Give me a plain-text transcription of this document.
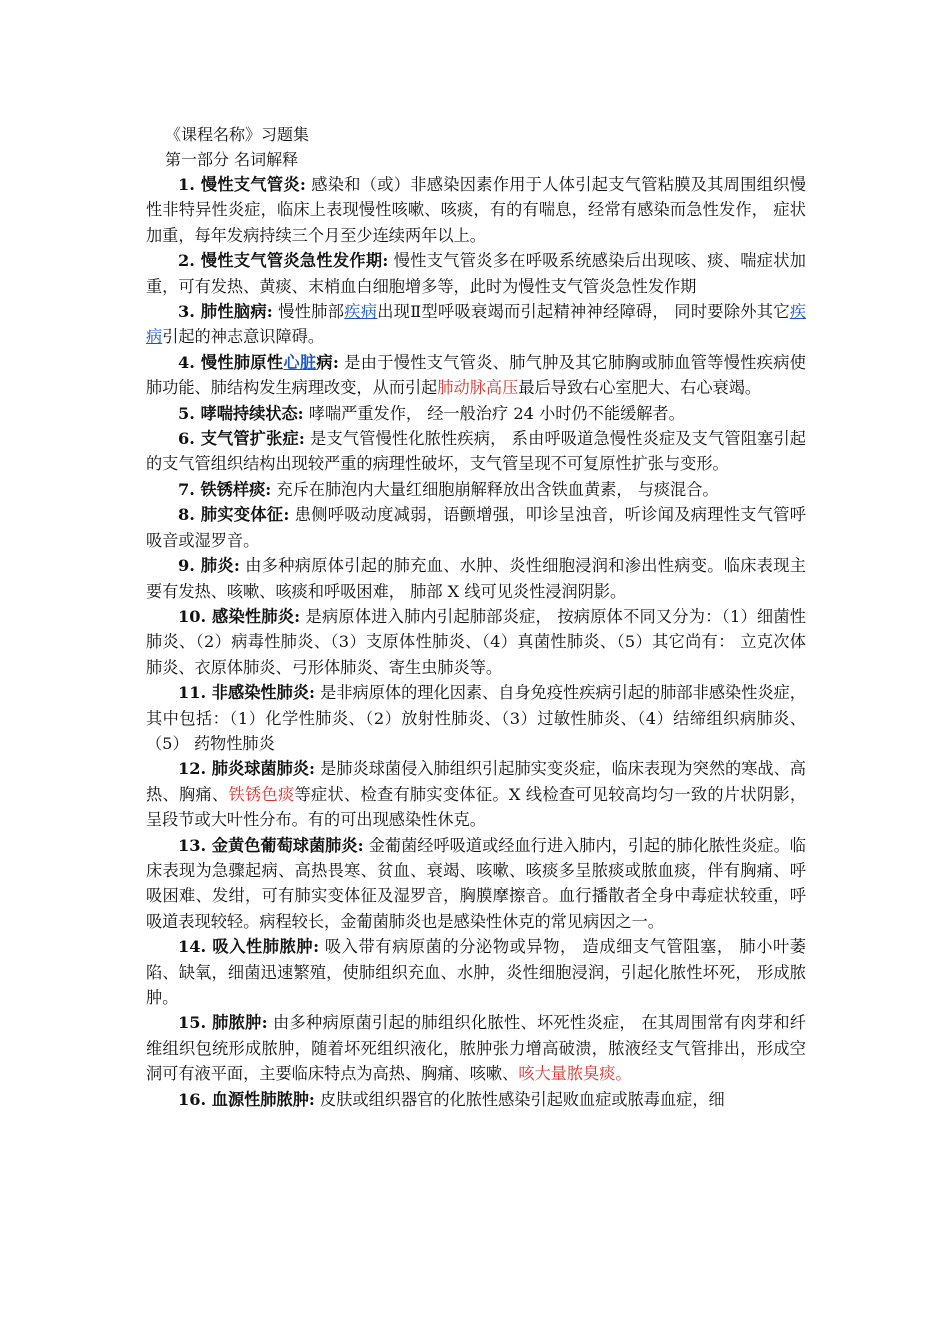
《课程名称》习题集
第一部分 名词解释

1. 慢性支气管炎: 感染和（或）非感染因素作用于人体引起支气管粘膜及其周围组织慢性非特异性炎症，临床上表现慢性咳嗽、咳痰，有的有喘息，经常有感染而急性发作， 症状加重，每年发病持续三个月至少连续两年以上。

2. 慢性支气管炎急性发作期: 慢性支气管炎多在呼吸系统感染后出现咳、痰、喘症状加重，可有发热、黄痰、末梢血白细胞增多等，此时为慢性支气管炎急性发作期

3. 肺性脑病: 慢性肺部疾病出现Ⅱ型呼吸衰竭而引起精神神经障碍， 同时要除外其它疾病引起的神志意识障碍。

4. 慢性肺原性心脏病: 是由于慢性支气管炎、肺气肿及其它肺胸或肺血管等慢性疾病使肺功能、肺结构发生病理改变，从而引起肺动脉高压最后导致右心室肥大、右心衰竭。

5. 哮喘持续状态: 哮喘严重发作， 经一般治疗 24 小时仍不能缓解者。

6. 支气管扩张症: 是支气管慢性化脓性疾病， 系由呼吸道急慢性炎症及支气管阻塞引起的支气管组织结构出现较严重的病理性破坏，支气管呈现不可复原性扩张与变形。

7. 铁锈样痰: 充斥在肺泡内大量红细胞崩解释放出含铁血黄素， 与痰混合。

8. 肺实变体征: 患侧呼吸动度减弱，语颤增强，叩诊呈浊音，听诊闻及病理性支气管呼吸音或湿罗音。

9. 肺炎: 由多种病原体引起的肺充血、水肿、炎性细胞浸润和渗出性病变。临床表现主要有发热、咳嗽、咳痰和呼吸困难， 肺部 X 线可见炎性浸润阴影。

10. 感染性肺炎: 是病原体进入肺内引起肺部炎症， 按病原体不同又分为：（1）细菌性肺炎、（2）病毒性肺炎、（3）支原体性肺炎、（4）真菌性肺炎、（5）其它尚有： 立克次体肺炎、衣原体肺炎、弓形体肺炎、寄生虫肺炎等。

11. 非感染性肺炎: 是非病原体的理化因素、自身免疫性疾病引起的肺部非感染性炎症，其中包括：（1）化学性肺炎、（2）放射性肺炎、（3）过敏性肺炎、（4）结缔组织病肺炎、（5） 药物性肺炎

12. 肺炎球菌肺炎: 是肺炎球菌侵入肺组织引起肺实变炎症，临床表现为突然的寒战、高热、胸痛、铁锈色痰等症状、检查有肺实变体征。X 线检查可见较高均匀一致的片状阴影， 呈段节或大叶性分布。有的可出现感染性休克。

13. 金黄色葡萄球菌肺炎: 金葡菌经呼吸道或经血行进入肺内，引起的肺化脓性炎症。临床表现为急骤起病、高热畏寒、贫血、衰竭、咳嗽、咳痰多呈脓痰或脓血痰，伴有胸痛、呼吸困难、发绀，可有肺实变体征及湿罗音，胸膜摩擦音。血行播散者全身中毒症状较重，呼吸道表现较轻。病程较长，金葡菌肺炎也是感染性休克的常见病因之一。

14. 吸入性肺脓肿: 吸入带有病原菌的分泌物或异物， 造成细支气管阻塞， 肺小叶萎陷、缺氧，细菌迅速繁殖，使肺组织充血、水肿，炎性细胞浸润，引起化脓性坏死， 形成脓肿。

15. 肺脓肿: 由多种病原菌引起的肺组织化脓性、坏死性炎症， 在其周围常有肉芽和纤维组织包统形成脓肿，随着坏死组织液化，脓肿张力增高破溃，脓液经支气管排出，形成空洞可有液平面，主要临床特点为高热、胸痛、咳嗽、咳大量脓臭痰。

16. 血源性肺脓肿: 皮肤或组织器官的化脓性感染引起败血症或脓毒血症，细
